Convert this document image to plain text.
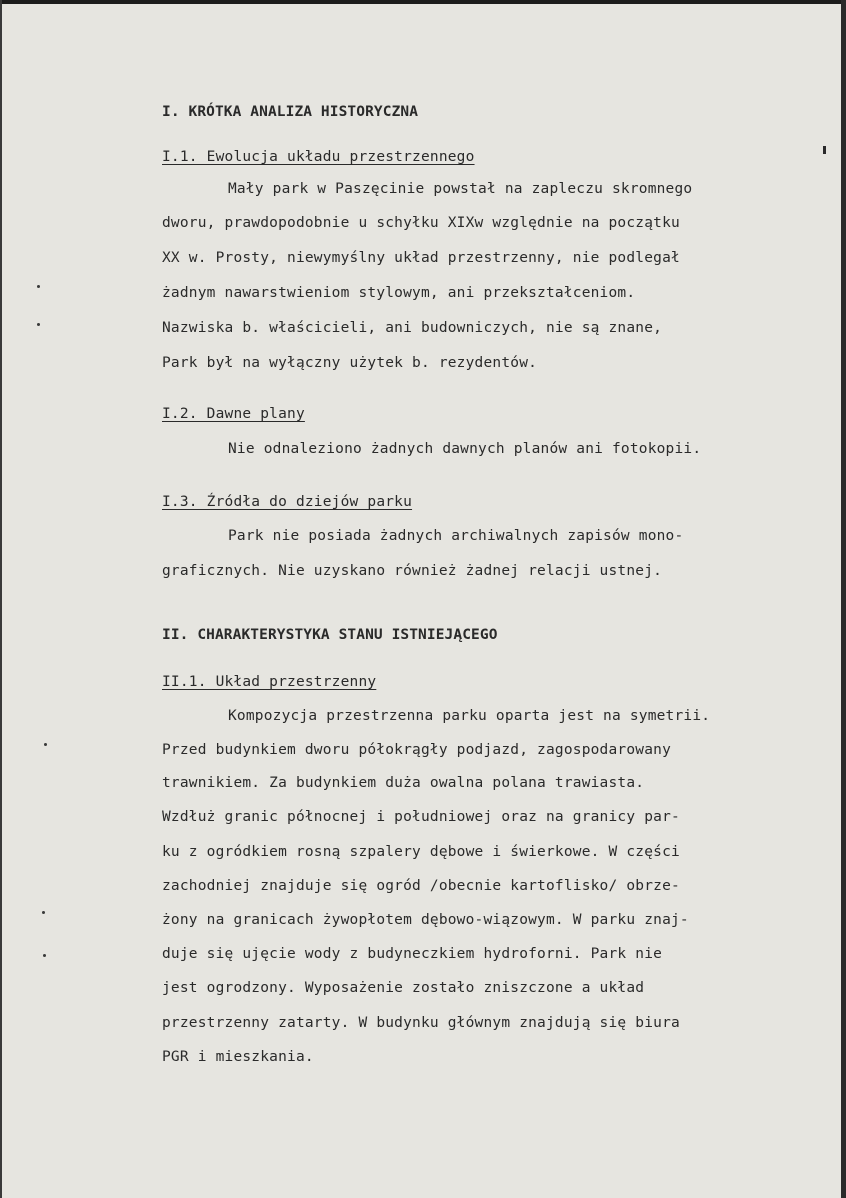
I. KRÓTKA ANALIZA HISTORYCZNA
I.1. Ewolucja układu przestrzennego
Mały park w Paszęcinie powstał na zapleczu skromnego
dworu, prawdopodobnie u schyłku XIXw względnie na początku
XX w. Prosty, niewymyślny układ przestrzenny, nie podlegał
żadnym nawarstwieniom stylowym, ani przekształceniom.
Nazwiska b. właścicieli, ani budowniczych, nie są znane,
Park był na wyłączny użytek b. rezydentów.
I.2. Dawne plany
Nie odnaleziono żadnych dawnych planów ani fotokopii.
I.3. Źródła do dziejów parku
Park nie posiada żadnych archiwalnych zapisów mono-
graficznych. Nie uzyskano również żadnej relacji ustnej.
II. CHARAKTERYSTYKA STANU ISTNIEJĄCEGO
II.1. Układ przestrzenny
Kompozycja przestrzenna parku oparta jest na symetrii.
Przed budynkiem dworu półokrągły podjazd, zagospodarowany
trawnikiem. Za budynkiem duża owalna polana trawiasta.
Wzdłuż granic północnej i południowej oraz na granicy par-
ku z ogródkiem rosną szpalery dębowe i świerkowe. W części
zachodniej znajduje się ogród /obecnie kartoflisko/ obrze-
żony na granicach żywopłotem dębowo-wiązowym. W parku znaj-
duje się ujęcie wody z budyneczkiem hydroforni. Park nie
jest ogrodzony. Wyposażenie zostało zniszczone a układ
przestrzenny zatarty. W budynku głównym znajdują się biura
PGR i mieszkania.
